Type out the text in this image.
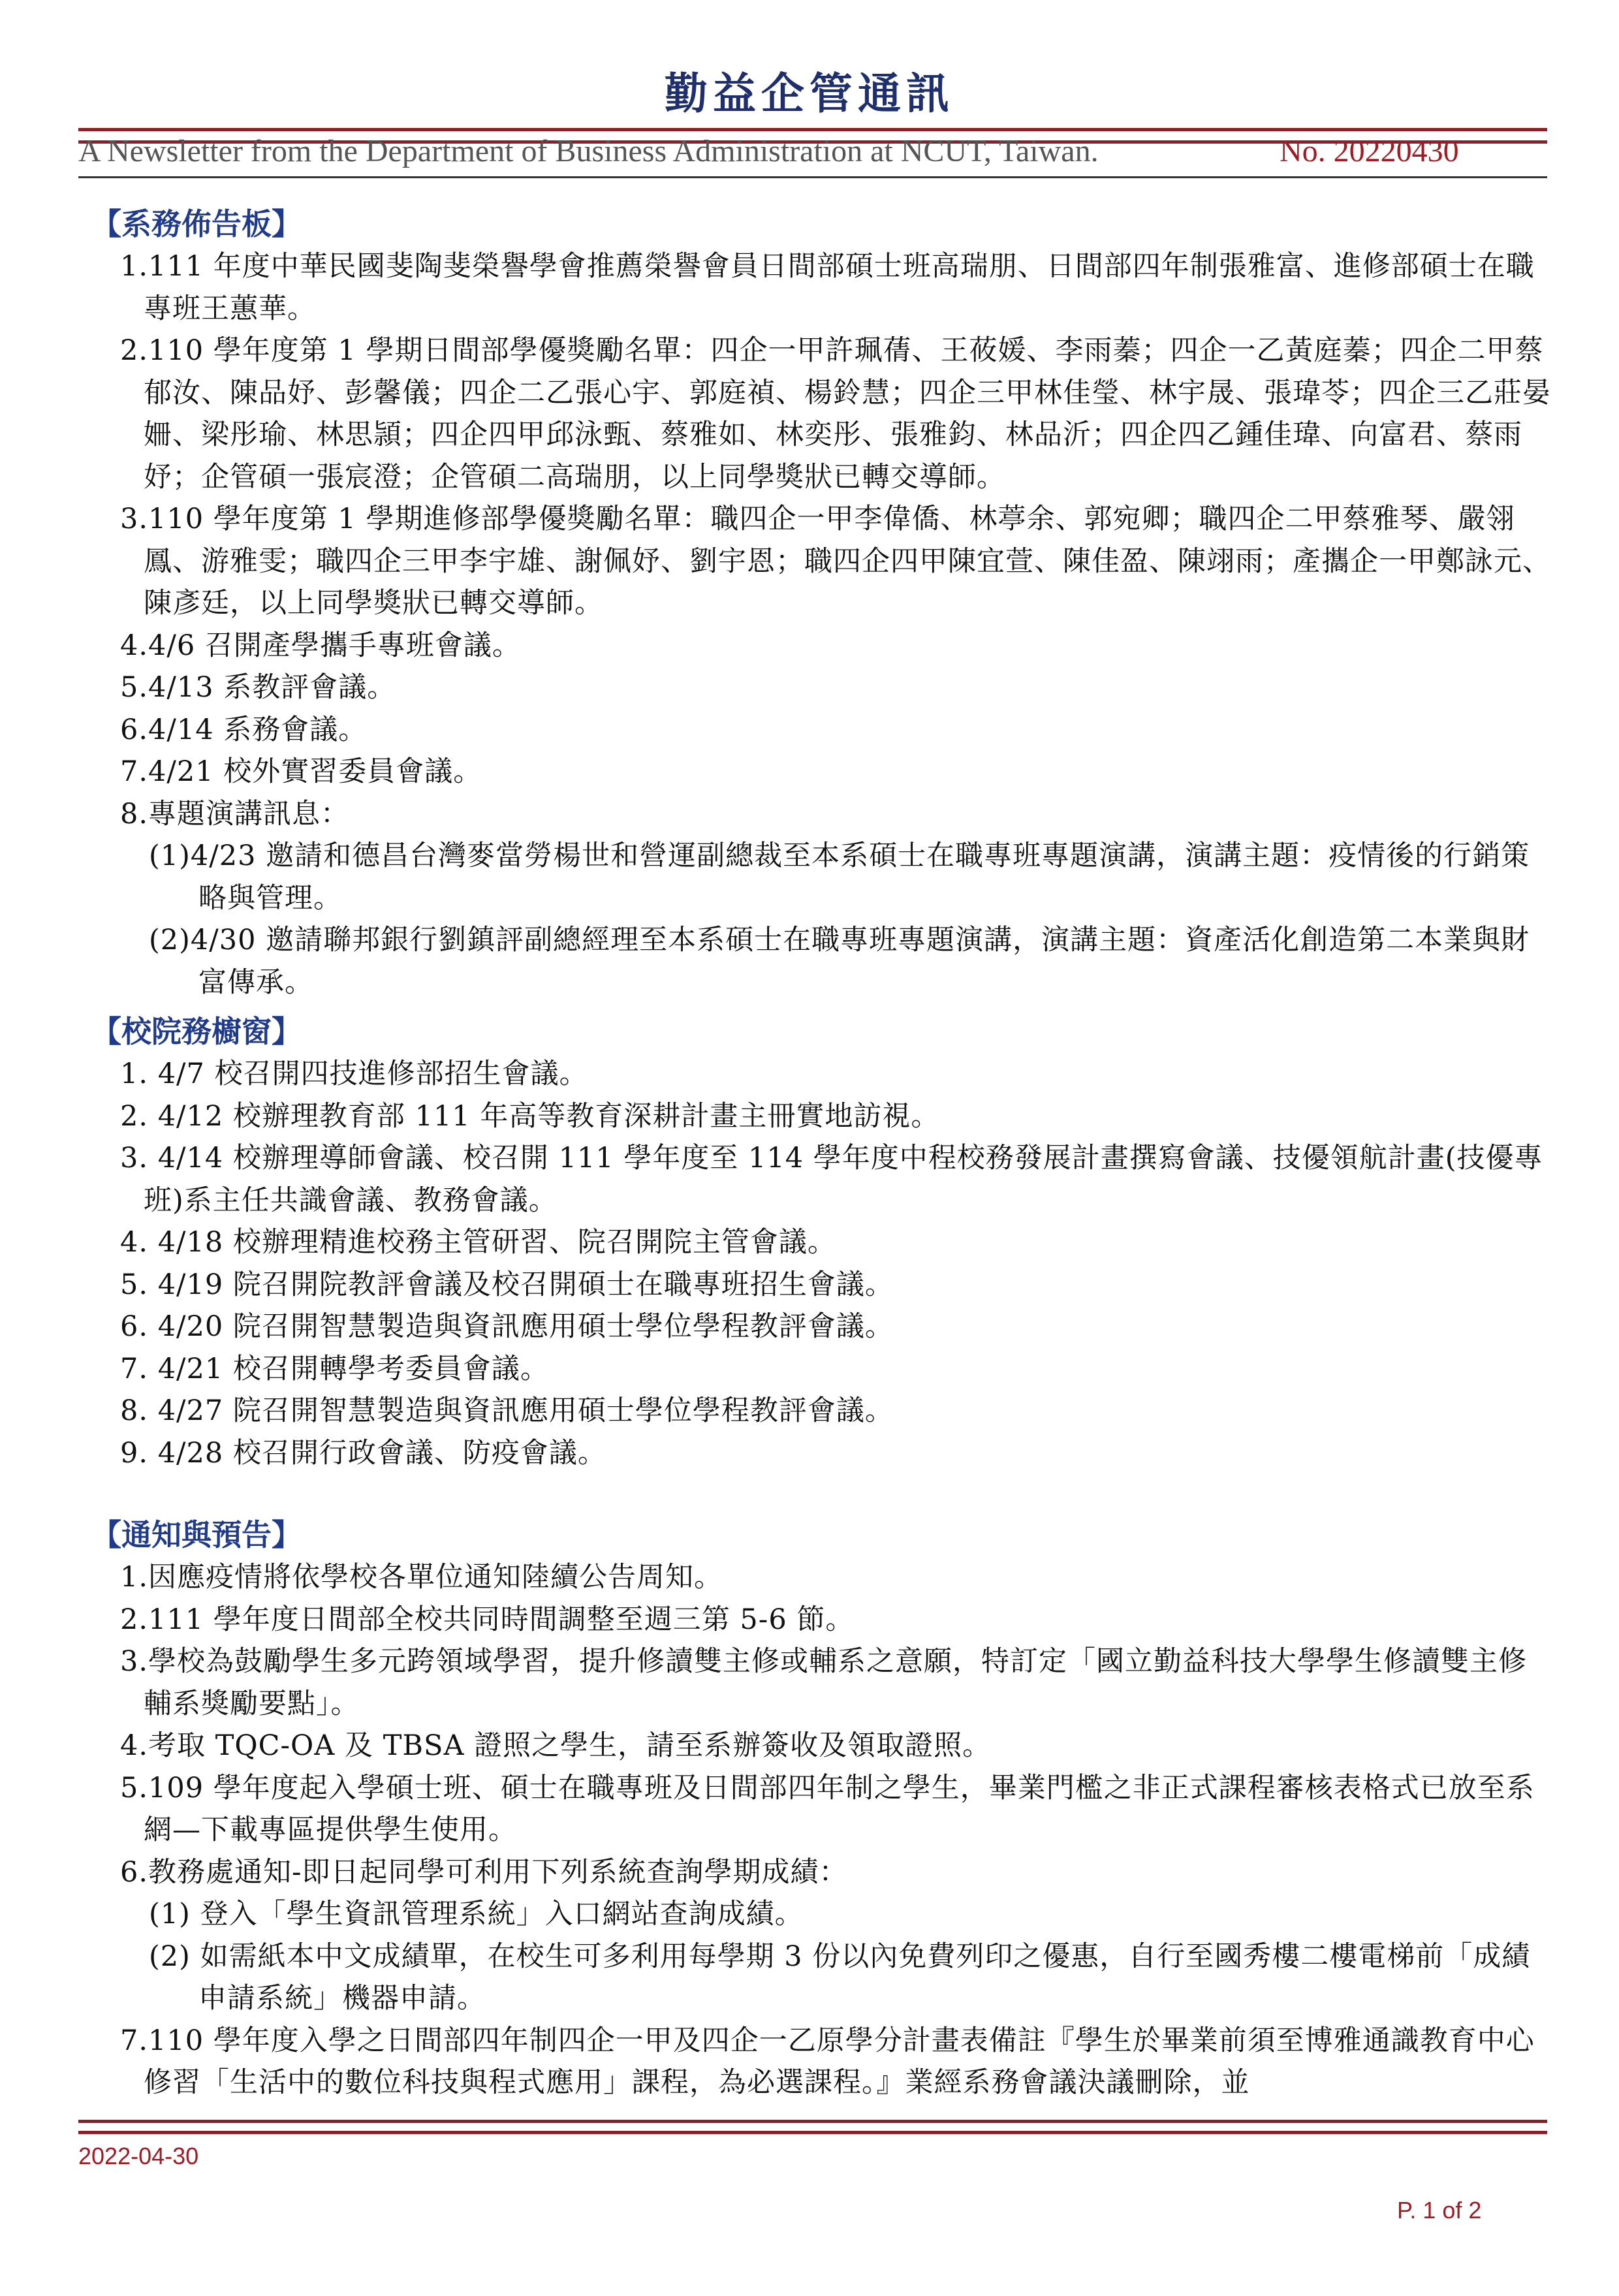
勤益企管通訊
A Newsletter from the Department of Business Administration at NCUT, Taiwan.	No. 20220430
【系務佈告板】
1.111 年度中華民國斐陶斐榮譽學會推薦榮譽會員日間部碩士班高瑞朋、日間部四年制張雅富、進修部碩士在職專班王蕙華。
2.110 學年度第 1 學期日間部學優獎勵名單：四企一甲許珮蒨、王莜媛、李雨蓁；四企一乙黃庭蓁；四企二甲蔡郁汝、陳品妤、彭馨儀；四企二乙張心宇、郭庭禎、楊鈴慧；四企三甲林佳瑩、林宇晟、張瑋苓；四企三乙莊晏姍、梁彤瑜、林思頴；四企四甲邱泳甄、蔡雅如、林奕彤、張雅鈞、林品沂；四企四乙鍾佳瑋、向富君、蔡雨妤；企管碩一張宸澄；企管碩二高瑞朋，以上同學獎狀已轉交導師。
3.110 學年度第 1 學期進修部學優獎勵名單：職四企一甲李偉僑、林葶余、郭宛卿；職四企二甲蔡雅琴、嚴翎鳳、游雅雯；職四企三甲李宇雄、謝佩妤、劉宇恩；職四企四甲陳宜萱、陳佳盈、陳翊雨；產攜企一甲鄭詠元、陳彥廷，以上同學獎狀已轉交導師。
4.4/6 召開產學攜手專班會議。
5.4/13 系教評會議。
6.4/14 系務會議。
7.4/21 校外實習委員會議。
8.專題演講訊息：
(1)4/23 邀請和德昌台灣麥當勞楊世和營運副總裁至本系碩士在職專班專題演講，演講主題：疫情後的行銷策略與管理。
(2)4/30 邀請聯邦銀行劉鎮評副總經理至本系碩士在職專班專題演講，演講主題：資產活化創造第二本業與財富傳承。
【校院務櫥窗】
1. 4/7 校召開四技進修部招生會議。
2. 4/12 校辦理教育部 111 年高等教育深耕計畫主冊實地訪視。
3. 4/14 校辦理導師會議、校召開 111 學年度至 114 學年度中程校務發展計畫撰寫會議、技優領航計畫(技優專班)系主任共識會議、教務會議。
4. 4/18 校辦理精進校務主管研習、院召開院主管會議。
5. 4/19 院召開院教評會議及校召開碩士在職專班招生會議。
6. 4/20 院召開智慧製造與資訊應用碩士學位學程教評會議。
7. 4/21 校召開轉學考委員會議。
8. 4/27 院召開智慧製造與資訊應用碩士學位學程教評會議。
9. 4/28 校召開行政會議、防疫會議。
【通知與預告】
1.因應疫情將依學校各單位通知陸續公告周知。
2.111 學年度日間部全校共同時間調整至週三第 5-6 節。
3.學校為鼓勵學生多元跨領域學習，提升修讀雙主修或輔系之意願，特訂定「國立勤益科技大學學生修讀雙主修輔系獎勵要點」。
4.考取 TQC-OA 及 TBSA 證照之學生，請至系辦簽收及領取證照。
5.109 學年度起入學碩士班、碩士在職專班及日間部四年制之學生，畢業門檻之非正式課程審核表格式已放至系網—下載專區提供學生使用。
6.教務處通知-即日起同學可利用下列系統查詢學期成績：
(1) 登入「學生資訊管理系統」入口網站查詢成績。
(2) 如需紙本中文成績單，在校生可多利用每學期 3 份以內免費列印之優惠，自行至國秀樓二樓電梯前「成績申請系統」機器申請。
7.110 學年度入學之日間部四年制四企一甲及四企一乙原學分計畫表備註『學生於畢業前須至博雅通識教育中心修習「生活中的數位科技與程式應用」課程，為必選課程。』業經系務會議決議刪除，並
2022-04-30
P. 1 of 2
